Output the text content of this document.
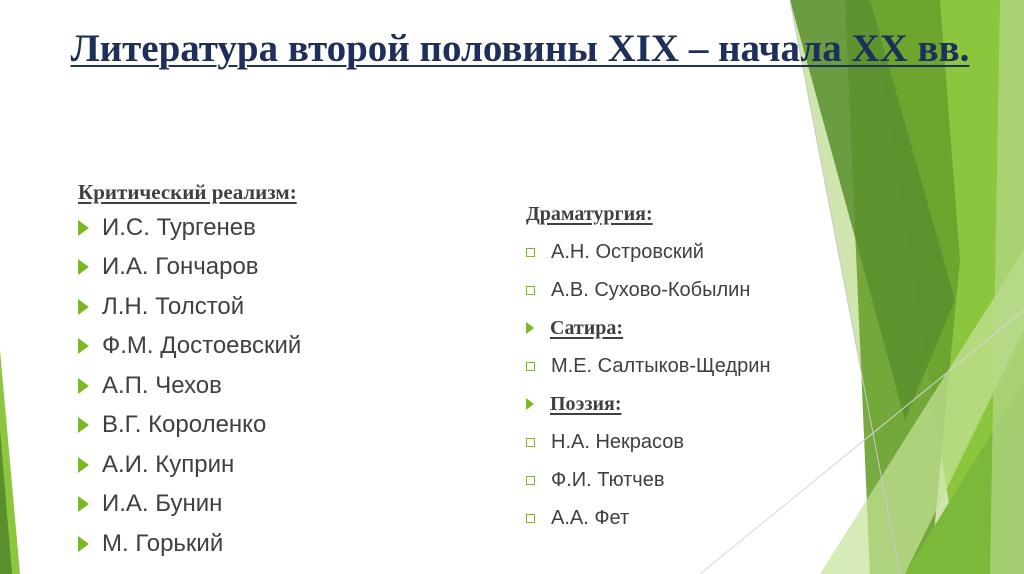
Литература второй половины XIX – начала XX вв.
Критический реализм:
И.С. Тургенев
И.А. Гончаров
Л.Н. Толстой
Ф.М. Достоевский
А.П. Чехов
В.Г. Короленко
А.И. Куприн
И.А. Бунин
М. Горький
Драматургия:
А.Н. Островский
А.В. Сухово-Кобылин
Сатира:
М.Е. Салтыков-Щедрин
Поэзия:
Н.А. Некрасов
Ф.И. Тютчев
А.А. Фет
